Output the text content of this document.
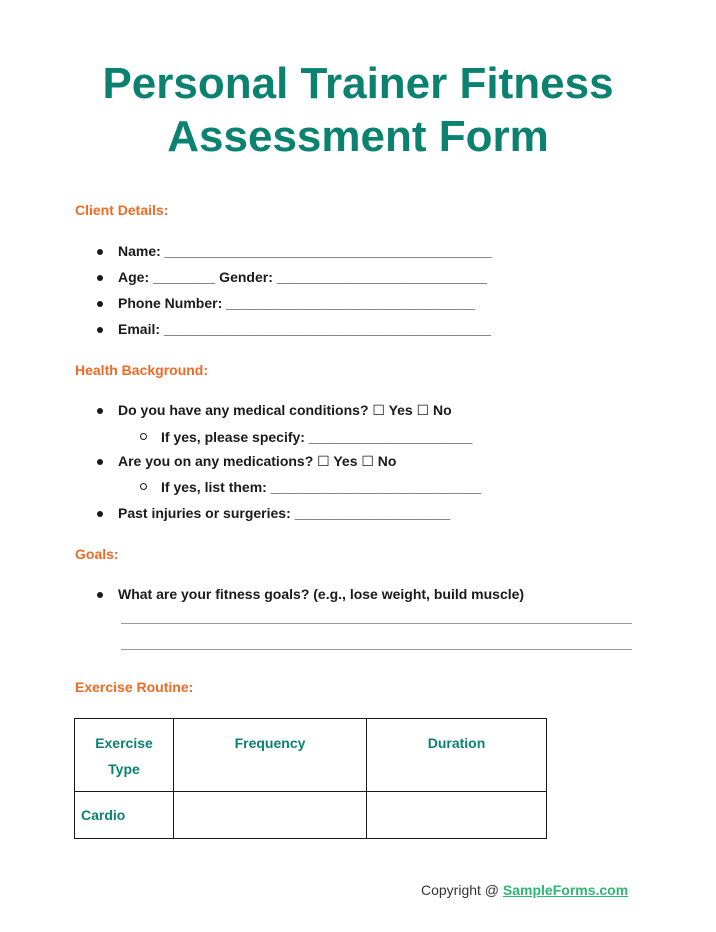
Personal Trainer Fitness
Assessment Form
Client Details:
Name: __________________________________________
Age: ________ Gender: ___________________________
Phone Number: ________________________________
Email: __________________________________________
Health Background:
Do you have any medical conditions? ☐ Yes ☐ No
If yes, please specify: _____________________
Are you on any medications? ☐ Yes ☐ No
If yes, list them: ___________________________
Past injuries or surgeries: ____________________
Goals:
What are your fitness goals? (e.g., lose weight, build muscle)
Exercise Routine:
Exercise Type	Frequency	Duration
Cardio		
Copyright @ SampleForms.com
